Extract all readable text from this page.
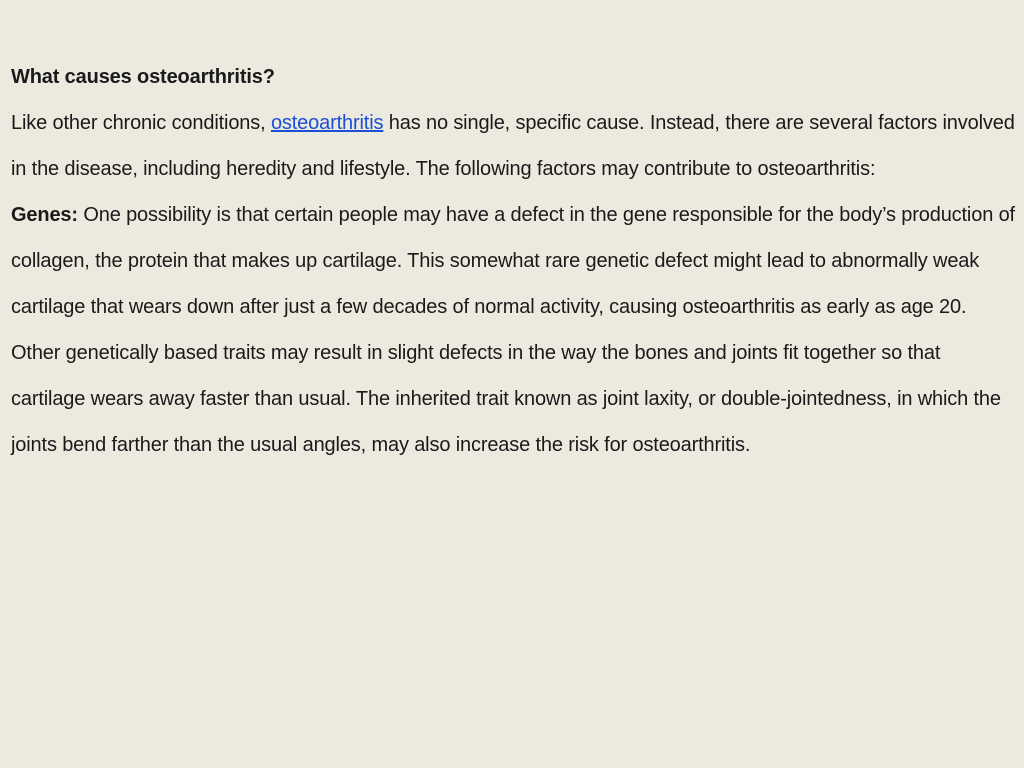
What causes osteoarthritis?

Like other chronic conditions, osteoarthritis has no single, specific cause. Instead, there are several factors involved in the disease, including heredity and lifestyle. The following factors may contribute to osteoarthritis:

Genes: One possibility is that certain people may have a defect in the gene responsible for the body’s production of collagen, the protein that makes up cartilage. This somewhat rare genetic defect might lead to abnormally weak cartilage that wears down after just a few decades of normal activity, causing osteoarthritis as early as age 20.

Other genetically based traits may result in slight defects in the way the bones and joints fit together so that cartilage wears away faster than usual. The inherited trait known as joint laxity, or double-jointedness, in which the joints bend farther than the usual angles, may also increase the risk for osteoarthritis.
